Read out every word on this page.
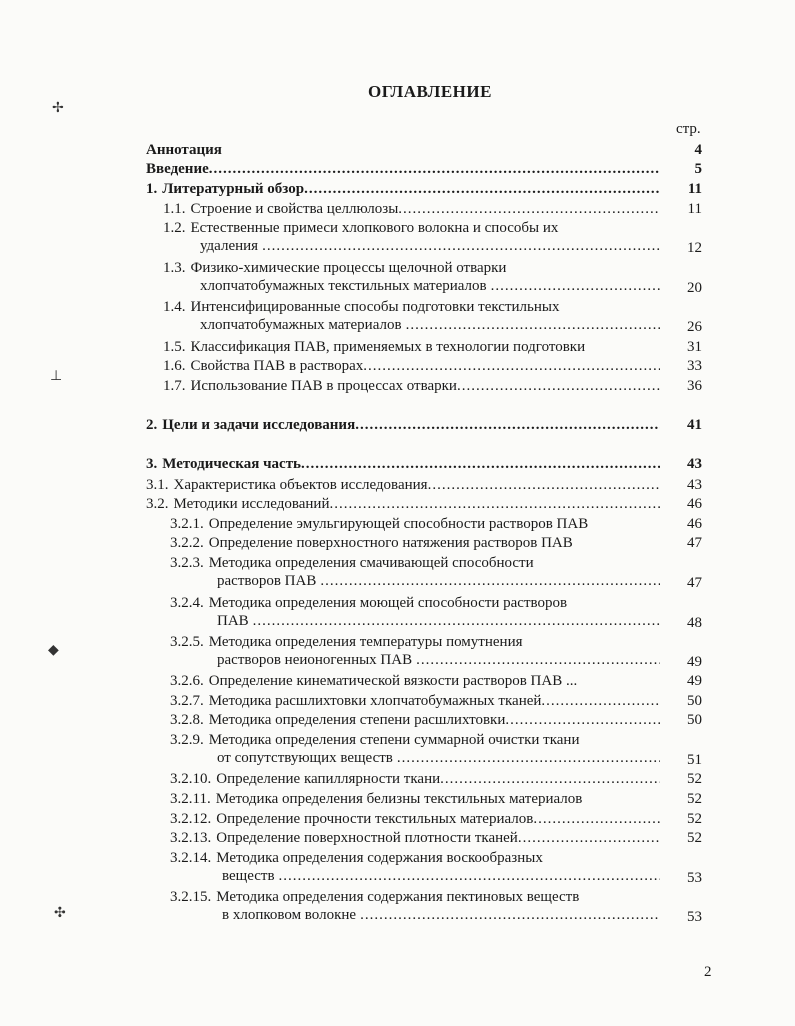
ОГЛАВЛЕНИЕ
стр.
Аннотация	4
Введение .....	5
1. Литературный обзор .....	11
1.1. Строение и свойства целлюлозы .....	11
1.2. Естественные примеси хлопкового волокна и способы их
удаления .....	12
1.3. Физико-химические процессы щелочной отварки
хлопчатобумажных текстильных материалов .....	20
1.4. Интенсифицированные способы подготовки текстильных
хлопчатобумажных материалов .....	26
1.5. Классификация ПАВ, применяемых в технологии подготовки	31
1.6. Свойства ПАВ в растворах .....	33
1.7. Использование ПАВ в процессах отварки .....	36
2. Цели и задачи исследования .....	41
3. Методическая часть .....	43
3.1. Характеристика объектов исследования .....	43
3.2. Методики исследований .....	46
3.2.1. Определение эмульгирующей способности растворов ПАВ	46
3.2.2. Определение поверхностного натяжения растворов ПАВ	47
3.2.3. Методика определения смачивающей способности
растворов ПАВ .....	47
3.2.4. Методика определения моющей способности растворов
ПАВ .....	48
3.2.5. Методика определения температуры помутнения
растворов неионогенных ПАВ .....	49
3.2.6. Определение кинематической вязкости растворов ПАВ ...	49
3.2.7. Методика расшлихтовки хлопчатобумажных тканей .....	50
3.2.8. Методика определения степени расшлихтовки .....	50
3.2.9. Методика определения степени суммарной очистки ткани
от сопутствующих веществ .....	51
3.2.10. Определение капиллярности ткани .....	52
3.2.11. Методика определения белизны текстильных материалов	52
3.2.12. Определение прочности текстильных материалов .....	52
3.2.13. Определение поверхностной плотности тканей .....	52
3.2.14. Методика определения содержания воскообразных
веществ .....	53
3.2.15. Методика определения содержания пектиновых веществ
в хлопковом волокне .....	53
2
✢
⊥
◆
✣
